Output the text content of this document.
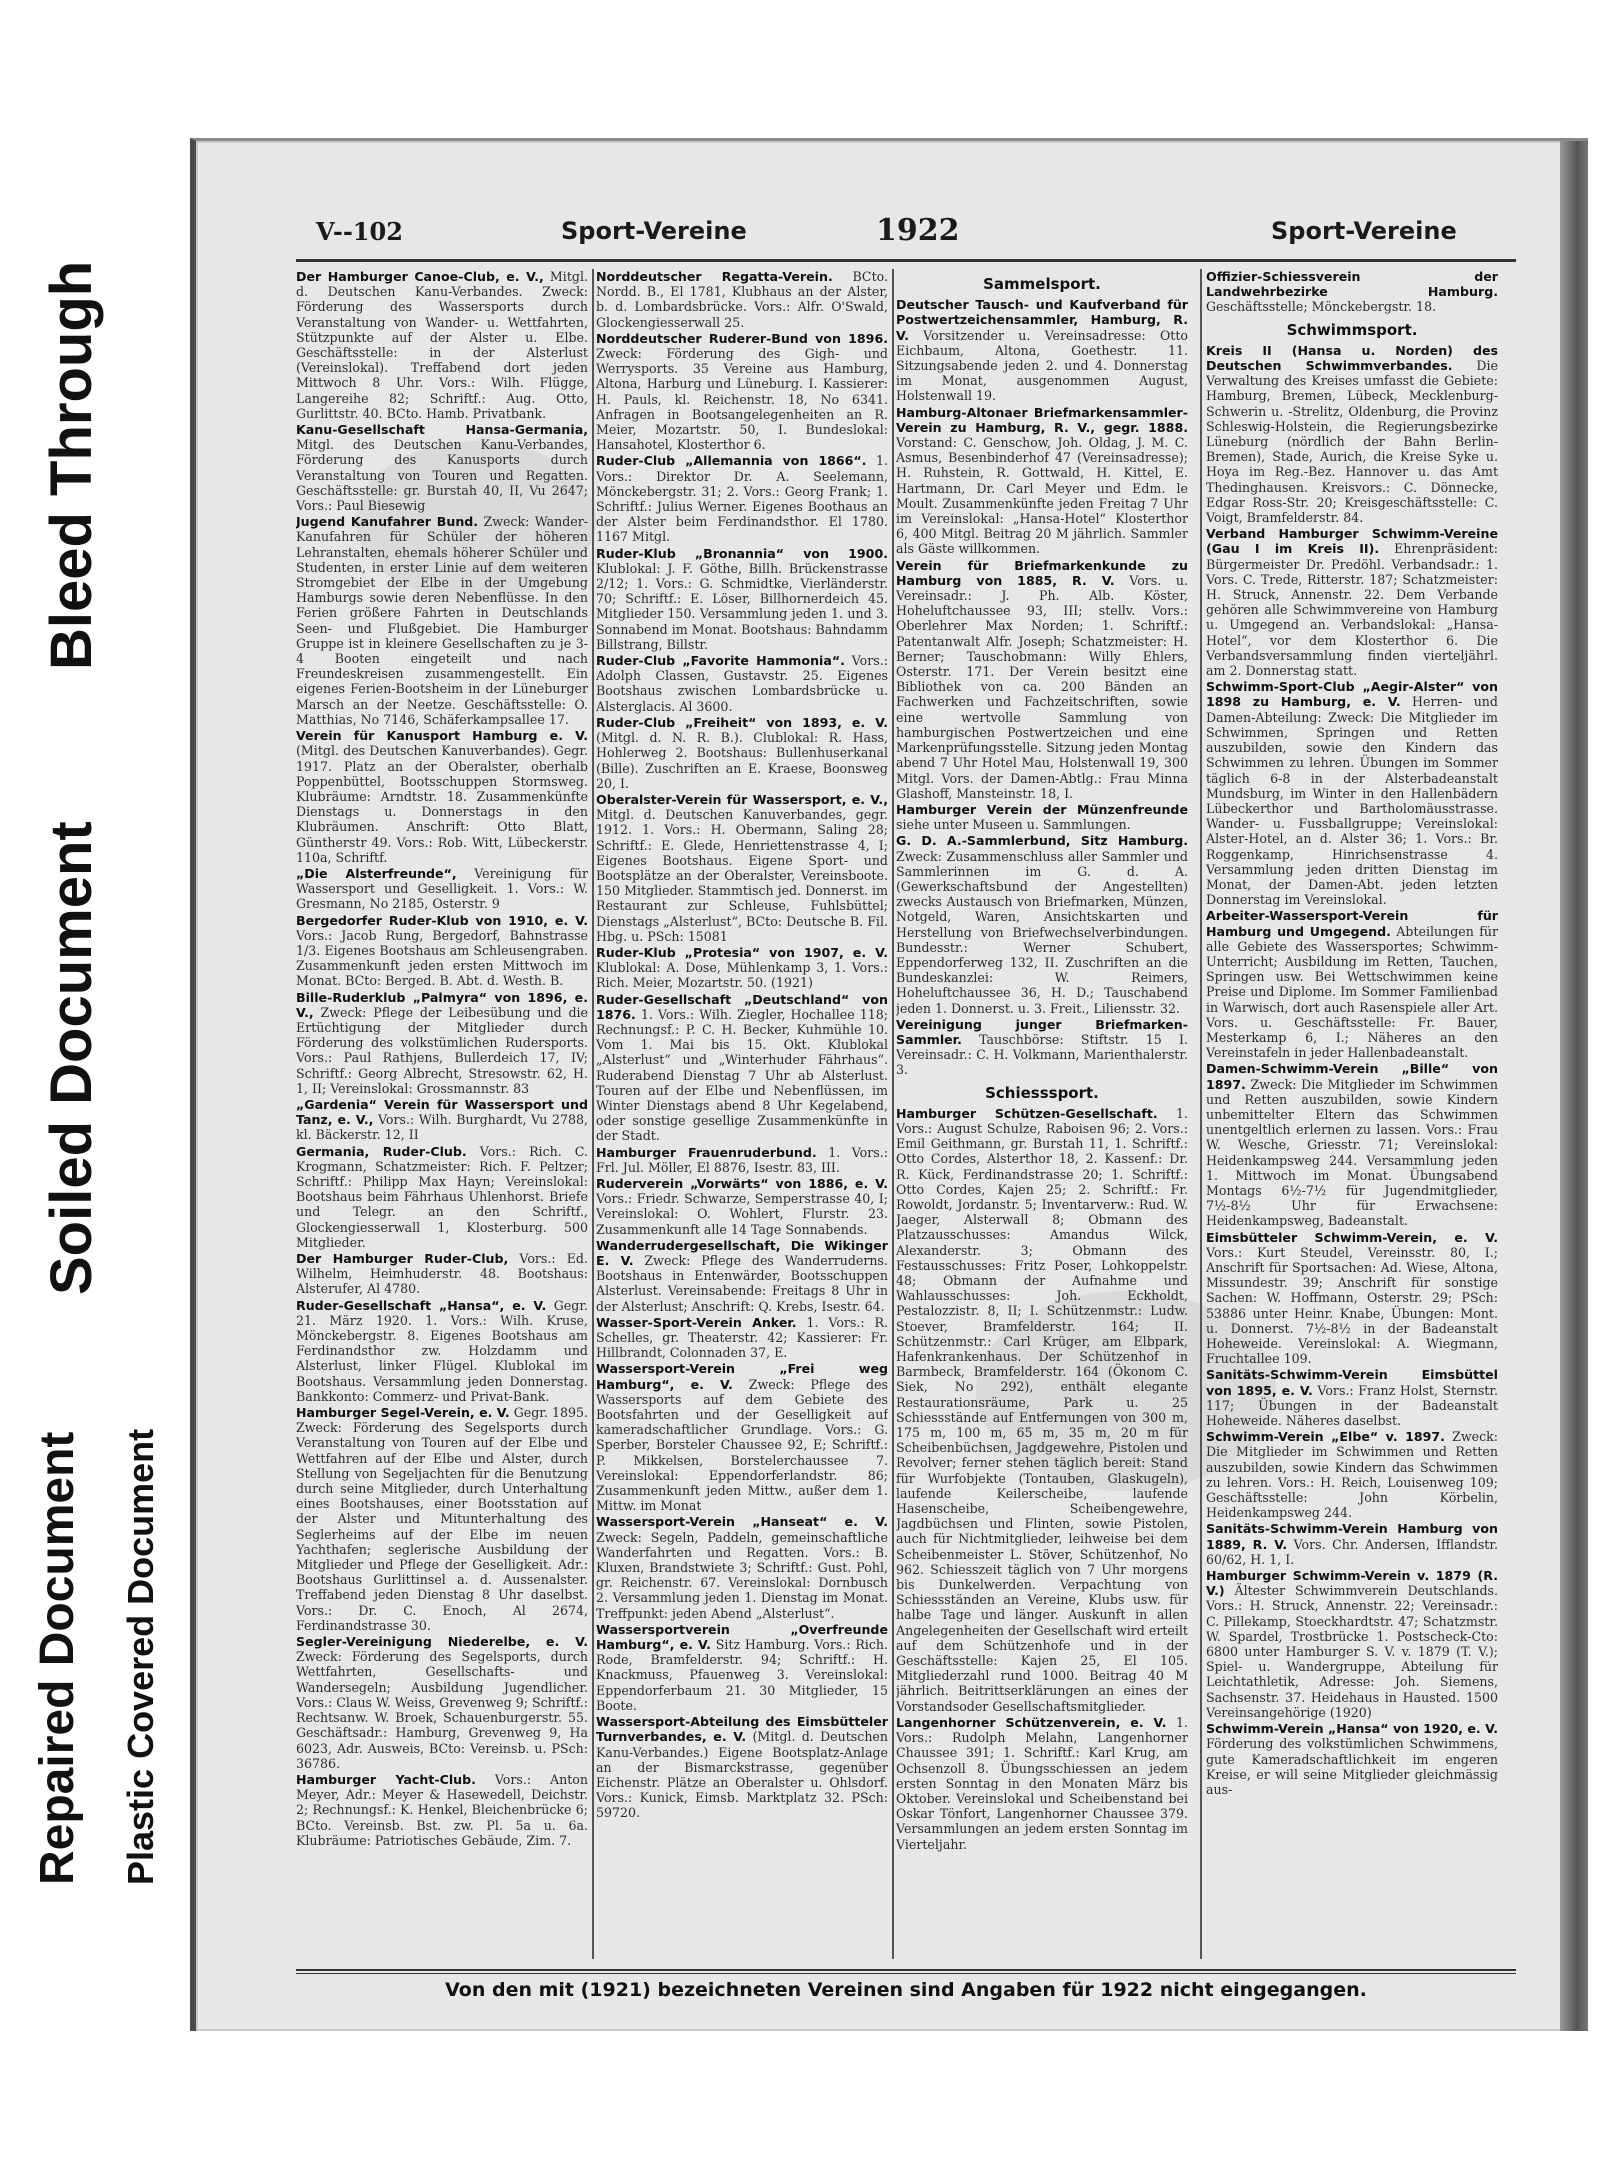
Bleed Through
Soiled Document
Repaired Document Plastic Covered Document
V--102	Sport-Vereine	1922	Sport-Vereine

Der Hamburger Canoe-Club, e. V., Mitgl. d. Deutschen Kanu-Verbandes. Zweck: Förderung des Wassersports durch Veranstaltung von Wander- u. Wettfahrten, Stützpunkte auf der Alster u. Elbe. Geschäftsstelle: in der Alsterlust (Vereinslokal). Treffabend dort jeden Mittwoch 8 Uhr. Vors.: Wilh. Flügge, Langereihe 82; Schriftf.: Aug. Otto, Gurlittstr. 40. BCto. Hamb. Privatbank.

Kanu-Gesellschaft Hansa-Germania, Mitgl. des Deutschen Kanu-Verbandes, Förderung des Kanusports durch Veranstaltung von Touren und Regatten. Geschäftsstelle: gr. Burstah 40, II, Vu 2647; Vors.: Paul Biesewig

Jugend Kanufahrer Bund. Zweck: Wander-Kanufahren für Schüler der höheren Lehranstalten, ehemals höherer Schüler und Studenten, in erster Linie auf dem weiteren Stromgebiet der Elbe in der Umgebung Hamburgs sowie deren Nebenflüsse. In den Ferien größere Fahrten in Deutschlands Seen- und Flußgebiet. Die Hamburger Gruppe ist in kleinere Gesellschaften zu je 3-4 Booten eingeteilt und nach Freundeskreisen zusammengestellt. Ein eigenes Ferien-Bootsheim in der Lüneburger Marsch an der Neetze. Geschäftsstelle: O. Matthias, No 7146, Schäferkampsallee 17.

Verein für Kanusport Hamburg e. V. (Mitgl. des Deutschen Kanuverbandes). Gegr. 1917. Platz an der Oberalster, oberhalb Poppenbüttel, Bootsschuppen Stormsweg. Klubräume: Arndtstr. 18. Zusammenkünfte Dienstags u. Donnerstags in den Klubräumen. Anschrift: Otto Blatt, Güntherstr 49. Vors.: Rob. Witt, Lübeckerstr. 110a, Schriftf.

„Die Alsterfreunde“, Vereinigung für Wassersport und Geselligkeit. 1. Vors.: W. Gresmann, No 2185, Osterstr. 9

Bergedorfer Ruder-Klub von 1910, e. V. Vors.: Jacob Rung, Bergedorf, Bahnstrasse 1/3. Eigenes Bootshaus am Schleusengraben. Zusammenkunft jeden ersten Mittwoch im Monat. BCto: Berged. B. Abt. d. Westh. B.

Bille-Ruderklub „Palmyra“ von 1896, e. V., Zweck: Pflege der Leibesübung und die Ertüchtigung der Mitglieder durch Förderung des volkstümlichen Rudersports. Vors.: Paul Rathjens, Bullerdeich 17, IV; Schriftf.: Georg Albrecht, Stresowstr. 62, H. 1, II; Vereinslokal: Grossmannstr. 83

„Gardenia“ Verein für Wassersport und Tanz, e. V., Vors.: Wilh. Burghardt, Vu 2788, kl. Bäckerstr. 12, II

Germania, Ruder-Club. Vors.: Rich. C. Krogmann, Schatzmeister: Rich. F. Peltzer; Schriftf.: Philipp Max Hayn; Vereinslokal: Bootshaus beim Fährhaus Uhlenhorst. Briefe und Telegr. an den Schriftf., Glockengiesserwall 1, Klosterburg. 500 Mitglieder.

Der Hamburger Ruder-Club, Vors.: Ed. Wilhelm, Heimhuderstr. 48. Bootshaus: Alsterufer, Al 4780.

Ruder-Gesellschaft „Hansa“, e. V. Gegr. 21. März 1920. 1. Vors.: Wilh. Kruse, Mönckebergstr. 8. Eigenes Bootshaus am Ferdinandsthor zw. Holzdamm und Alsterlust, linker Flügel. Klublokal im Bootshaus. Versammlung jeden Donnerstag. Bankkonto: Commerz- und Privat-Bank.

Hamburger Segel-Verein, e. V. Gegr. 1895. Zweck: Förderung des Segelsports durch Veranstaltung von Touren auf der Elbe und Wettfahren auf der Elbe und Alster, durch Stellung von Segeljachten für die Benutzung durch seine Mitglieder, durch Unterhaltung eines Bootshauses, einer Bootsstation auf der Alster und Mitunterhaltung des Seglerheims auf der Elbe im neuen Yachthafen; seglerische Ausbildung der Mitglieder und Pflege der Geselligkeit. Adr.: Bootshaus Gurlittinsel a. d. Aussenalster. Treffabend jeden Dienstag 8 Uhr daselbst. Vors.: Dr. C. Enoch, Al 2674, Ferdinandstrasse 30.

Segler-Vereinigung Niederelbe, e. V. Zweck: Förderung des Segelsports, durch Wettfahrten, Gesellschafts- und Wandersegeln; Ausbildung Jugendlicher. Vors.: Claus W. Weiss, Grevenweg 9; Schriftf.: Rechtsanw. W. Broek, Schauenburgerstr. 55. Geschäftsadr.: Hamburg, Grevenweg 9, Ha 6023, Adr. Ausweis, BCto: Vereinsb. u. PSch: 36786.

Hamburger Yacht-Club. Vors.: Anton Meyer, Adr.: Meyer & Hasewedell, Deichstr. 2; Rechnungsf.: K. Henkel, Bleichenbrücke 6; BCto. Vereinsb. Bst. zw. Pl. 5a u. 6a. Klubräume: Patriotisches Gebäude, Zim. 7.

Norddeutscher Regatta-Verein. BCto. Nordd. B., El 1781, Klubhaus an der Alster, b. d. Lombardsbrücke. Vors.: Alfr. O'Swald, Glockengiesserwall 25.

Norddeutscher Ruderer-Bund von 1896. Zweck: Förderung des Gigh- und Werrysports. 35 Vereine aus Hamburg, Altona, Harburg und Lüneburg. I. Kassierer: H. Pauls, kl. Reichenstr. 18, No 6341. Anfragen in Bootsangelegenheiten an R. Meier, Mozartstr. 50, I. Bundeslokal: Hansahotel, Klosterthor 6.

Ruder-Club „Allemannia von 1866“. 1. Vors.: Direktor Dr. A. Seelemann, Mönckebergstr. 31; 2. Vors.: Georg Frank; 1. Schriftf.: Julius Werner. Eigenes Boothaus an der Alster beim Ferdinandsthor. El 1780. 1167 Mitgl.

Ruder-Klub „Bronannia“ von 1900. Klublokal: J. F. Göthe, Billh. Brückenstrasse 2/12; 1. Vors.: G. Schmidtke, Vierländerstr. 70; Schriftf.: E. Löser, Billhornerdeich 45. Mitglieder 150. Versammlung jeden 1. und 3. Sonnabend im Monat. Bootshaus: Bahndamm Billstrang, Billstr.

Ruder-Club „Favorite Hammonia“. Vors.: Adolph Classen, Gustavstr. 25. Eigenes Bootshaus zwischen Lombardsbrücke u. Alsterglacis. Al 3600.

Ruder-Club „Freiheit“ von 1893, e. V. (Mitgl. d. N. R. B.). Clublokal: R. Hass, Hohlerweg 2. Bootshaus: Bullenhuserkanal (Bille). Zuschriften an E. Kraese, Boonsweg 20, I.

Oberalster-Verein für Wassersport, e. V., Mitgl. d. Deutschen Kanuverbandes, gegr. 1912. 1. Vors.: H. Obermann, Saling 28; Schriftf.: E. Glede, Henriettenstrasse 4, I; Eigenes Bootshaus. Eigene Sport- und Bootsplätze an der Oberalster, Vereinsboote. 150 Mitglieder. Stammtisch jed. Donnerst. im Restaurant zur Schleuse, Fuhlsbüttel; Dienstags „Alsterlust“, BCto: Deutsche B. Fil. Hbg. u. PSch: 15081

Ruder-Klub „Protesia“ von 1907, e. V. Klublokal: A. Dose, Mühlenkamp 3, 1. Vors.: Rich. Meier, Mozartstr. 50. (1921)

Ruder-Gesellschaft „Deutschland“ von 1876. 1. Vors.: Wilh. Ziegler, Hochallee 118; Rechnungsf.: P. C. H. Becker, Kuhmühle 10. Vom 1. Mai bis 15. Okt. Klublokal „Alsterlust“ und „Winterhuder Fährhaus“. Ruderabend Dienstag 7 Uhr ab Alsterlust. Touren auf der Elbe und Nebenflüssen, im Winter Dienstags abend 8 Uhr Kegelabend, oder sonstige gesellige Zusammenkünfte in der Stadt.

Hamburger Frauenruderbund. 1. Vors.: Frl. Jul. Möller, El 8876, Isestr. 83, III.

Ruderverein „Vorwärts“ von 1886, e. V. Vors.: Friedr. Schwarze, Semperstrasse 40, I; Vereinslokal: O. Wohlert, Flurstr. 23. Zusammenkunft alle 14 Tage Sonnabends.

Wanderrudergesellschaft, Die Wikinger E. V. Zweck: Pflege des Wanderruderns. Bootshaus in Entenwärder, Bootsschuppen Alsterlust. Vereinsabende: Freitags 8 Uhr in der Alsterlust; Anschrift: Q. Krebs, Isestr. 64.

Wasser-Sport-Verein Anker. 1. Vors.: R. Schelles, gr. Theaterstr. 42; Kassierer: Fr. Hillbrandt, Colonnaden 37, E.

Wassersport-Verein „Frei weg Hamburg“, e. V. Zweck: Pflege des Wassersports auf dem Gebiete des Bootsfahrten und der Geselligkeit auf kameradschaftlicher Grundlage. Vors.: G. Sperber, Borsteler Chaussee 92, E; Schriftf.: P. Mikkelsen, Borstelerchaussee 7. Vereinslokal: Eppendorferlandstr. 86; Zusammenkunft jeden Mittw., außer dem 1. Mittw. im Monat

Wassersport-Verein „Hanseat“ e. V. Zweck: Segeln, Paddeln, gemeinschaftliche Wanderfahrten und Regatten. Vors.: B. Kluxen, Brandstwiete 3; Schriftf.: Gust. Pohl, gr. Reichenstr. 67. Vereinslokal: Dornbusch 2. Versammlung jeden 1. Dienstag im Monat. Treffpunkt: jeden Abend „Alsterlust“.

Wassersportverein „Overfreunde Hamburg“, e. V. Sitz Hamburg. Vors.: Rich. Rode, Bramfelderstr. 94; Schriftf.: H. Knackmuss, Pfauenweg 3. Vereinslokal: Eppendorferbaum 21. 30 Mitglieder, 15 Boote.

Wassersport-Abteilung des Eimsbütteler Turnverbandes, e. V. (Mitgl. d. Deutschen Kanu-Verbandes.) Eigene Bootsplatz-Anlage an der Bismarckstrasse, gegenüber Eichenstr. Plätze an Oberalster u. Ohlsdorf. Vors.: Kunick, Eimsb. Marktplatz 32. PSch: 59720.

Sammelsport.

Deutscher Tausch- und Kaufverband für Postwertzeichensammler, Hamburg, R. V. Vorsitzender u. Vereinsadresse: Otto Eichbaum, Altona, Goethestr. 11. Sitzungsabende jeden 2. und 4. Donnerstag im Monat, ausgenommen August, Holstenwall 19.

Hamburg-Altonaer Briefmarkensammler-Verein zu Hamburg, R. V., gegr. 1888. Vorstand: C. Genschow, Joh. Oldag, J. M. C. Asmus, Besenbinderhof 47 (Vereinsadresse); H. Ruhstein, R. Gottwald, H. Kittel, E. Hartmann, Dr. Carl Meyer und Edm. le Moult. Zusammenkünfte jeden Freitag 7 Uhr im Vereinslokal: „Hansa-Hotel“ Klosterthor 6, 400 Mitgl. Beitrag 20 M jährlich. Sammler als Gäste willkommen.

Verein für Briefmarkenkunde zu Hamburg von 1885, R. V. Vors. u. Vereinsadr.: J. Ph. Alb. Köster, Hoheluftchaussee 93, III; stellv. Vors.: Oberlehrer Max Norden; 1. Schriftf.: Patentanwalt Alfr. Joseph; Schatzmeister: H. Berner; Tauschobmann: Willy Ehlers, Osterstr. 171. Der Verein besitzt eine Bibliothek von ca. 200 Bänden an Fachwerken und Fachzeitschriften, sowie eine wertvolle Sammlung von hamburgischen Postwertzeichen und eine Markenprüfungsstelle. Sitzung jeden Montag abend 7 Uhr Hotel Mau, Holstenwall 19, 300 Mitgl. Vors. der Damen-Abtlg.: Frau Minna Glashoff, Mansteinstr. 18, I.

Hamburger Verein der Münzenfreunde siehe unter Museen u. Sammlungen.

G. D. A.-Sammlerbund, Sitz Hamburg. Zweck: Zusammenschluss aller Sammler und Sammlerinnen im G. d. A. (Gewerkschaftsbund der Angestellten) zwecks Austausch von Briefmarken, Münzen, Notgeld, Waren, Ansichtskarten und Herstellung von Briefwechselverbindungen. Bundesstr.: Werner Schubert, Eppendorferweg 132, II. Zuschriften an die Bundeskanzlei: W. Reimers, Hoheluftchaussee 36, H. D.; Tauschabend jeden 1. Donnerst. u. 3. Freit., Liliensstr. 32.

Vereinigung junger Briefmarken-Sammler. Tauschbörse: Stiftstr. 15 I. Vereinsadr.: C. H. Volkmann, Marienthalerstr. 3.

Schiesssport.

Hamburger Schützen-Gesellschaft. 1. Vors.: August Schulze, Raboisen 96; 2. Vors.: Emil Geithmann, gr. Burstah 11, 1. Schriftf.: Otto Cordes, Alsterthor 18, 2. Kassenf.: Dr. R. Kück, Ferdinandstrasse 20; 1. Schriftf.: Otto Cordes, Kajen 25; 2. Schriftf.: Fr. Rowoldt, Jordanstr. 5; Inventarverw.: Rud. W. Jaeger, Alsterwall 8; Obmann des Platzausschusses: Amandus Wilck, Alexanderstr. 3; Obmann des Festausschusses: Fritz Poser, Lohkoppelstr. 48; Obmann der Aufnahme und Wahlausschusses: Joh. Eckholdt, Pestalozzistr. 8, II; I. Schützenmstr.: Ludw. Stoever, Bramfelderstr. 164; II. Schützenmstr.: Carl Krüger, am Elbpark, Hafenkrankenhaus. Der Schützenhof in Barmbeck, Bramfelderstr. 164 (Ökonom C. Siek, No 292), enthält elegante Restaurationsräume, Park u. 25 Schiessstände auf Entfernungen von 300 m, 175 m, 100 m, 65 m, 35 m, 20 m für Scheibenbüchsen, Jagdgewehre, Pistolen und Revolver; ferner stehen täglich bereit: Stand für Wurfobjekte (Tontauben, Glaskugeln), laufende Keilerscheibe, laufende Hasenscheibe, Scheibengewehre, Jagdbüchsen und Flinten, sowie Pistolen, auch für Nichtmitglieder, leihweise bei dem Scheibenmeister L. Stöver, Schützenhof, No 962. Schiesszeit täglich von 7 Uhr morgens bis Dunkelwerden. Verpachtung von Schiessständen an Vereine, Klubs usw. für halbe Tage und länger. Auskunft in allen Angelegenheiten der Gesellschaft wird erteilt auf dem Schützenhofe und in der Geschäftsstelle: Kajen 25, El 105. Mitgliederzahl rund 1000. Beitrag 40 M jährlich. Beitrittserklärungen an eines der Vorstandsoder Gesellschaftsmitglieder.

Langenhorner Schützenverein, e. V. 1. Vors.: Rudolph Melahn, Langenhorner Chaussee 391; 1. Schriftf.: Karl Krug, am Ochsenzoll 8. Übungsschiessen an jedem ersten Sonntag in den Monaten März bis Oktober. Vereinslokal und Scheibenstand bei Oskar Tönfort, Langenhorner Chaussee 379. Versammlungen an jedem ersten Sonntag im Vierteljahr.

Offizier-Schiessverein der Landwehrbezirke Hamburg. Geschäftsstelle; Mönckebergstr. 18.

Schwimmsport.

Kreis II (Hansa u. Norden) des Deutschen Schwimmverbandes. Die Verwaltung des Kreises umfasst die Gebiete: Hamburg, Bremen, Lübeck, Mecklenburg-Schwerin u. -Strelitz, Oldenburg, die Provinz Schleswig-Holstein, die Regierungsbezirke Lüneburg (nördlich der Bahn Berlin-Bremen), Stade, Aurich, die Kreise Syke u. Hoya im Reg.-Bez. Hannover u. das Amt Thedinghausen. Kreisvors.: C. Dönnecke, Edgar Ross-Str. 20; Kreisgeschäftsstelle: C. Voigt, Bramfelderstr. 84.

Verband Hamburger Schwimm-Vereine (Gau I im Kreis II). Ehrenpräsident: Bürgermeister Dr. Predöhl. Verbandsadr.: 1. Vors. C. Trede, Ritterstr. 187; Schatzmeister: H. Struck, Annenstr. 22. Dem Verbande gehören alle Schwimmvereine von Hamburg u. Umgegend an. Verbandslokal: „Hansa-Hotel“, vor dem Klosterthor 6. Die Verbandsversammlung finden vierteljährl. am 2. Donnerstag statt.

Schwimm-Sport-Club „Aegir-Alster“ von 1898 zu Hamburg, e. V. Herren- und Damen-Abteilung: Zweck: Die Mitglieder im Schwimmen, Springen und Retten auszubilden, sowie den Kindern das Schwimmen zu lehren. Übungen im Sommer täglich 6-8 in der Alsterbadeanstalt Mundsburg, im Winter in den Hallenbädern Lübeckerthor und Bartholomäusstrasse. Wander- u. Fussballgruppe; Vereinslokal: Alster-Hotel, an d. Alster 36; 1. Vors.: Br. Roggenkamp, Hinrichsenstrasse 4. Versammlung jeden dritten Dienstag im Monat, der Damen-Abt. jeden letzten Donnerstag im Vereinslokal.

Arbeiter-Wassersport-Verein für Hamburg und Umgegend. Abteilungen für alle Gebiete des Wassersportes; Schwimm-Unterricht; Ausbildung im Retten, Tauchen, Springen usw. Bei Wettschwimmen keine Preise und Diplome. Im Sommer Familienbad in Warwisch, dort auch Rasenspiele aller Art. Vors. u. Geschäftsstelle: Fr. Bauer, Mesterkamp 6, I.; Näheres an den Vereinstafeln in jeder Hallenbadeanstalt.

Damen-Schwimm-Verein „Bille“ von 1897. Zweck: Die Mitglieder im Schwimmen und Retten auszubilden, sowie Kindern unbemittelter Eltern das Schwimmen unentgeltlich erlernen zu lassen. Vors.: Frau W. Wesche, Griesstr. 71; Vereinslokal: Heidenkampsweg 244. Versammlung jeden 1. Mittwoch im Monat. Übungsabend Montags 6½-7½ für Jugendmitglieder, 7½-8½ Uhr für Erwachsene: Heidenkampsweg, Badeanstalt.

Eimsbütteler Schwimm-Verein, e. V. Vors.: Kurt Steudel, Vereinsstr. 80, I.; Anschrift für Sportsachen: Ad. Wiese, Altona, Missundestr. 39; Anschrift für sonstige Sachen: W. Hoffmann, Osterstr. 29; PSch: 53886 unter Heinr. Knabe, Übungen: Mont. u. Donnerst. 7½-8½ in der Badeanstalt Hoheweide. Vereinslokal: A. Wiegmann, Fruchtallee 109.

Sanitäts-Schwimm-Verein Eimsbüttel von 1895, e. V. Vors.: Franz Holst, Sternstr. 117; Übungen in der Badeanstalt Hoheweide. Näheres daselbst.

Schwimm-Verein „Elbe“ v. 1897. Zweck: Die Mitglieder im Schwimmen und Retten auszubilden, sowie Kindern das Schwimmen zu lehren. Vors.: H. Reich, Louisenweg 109; Geschäftsstelle: John Körbelin, Heidenkampsweg 244.

Sanitäts-Schwimm-Verein Hamburg von 1889, R. V. Vors. Chr. Andersen, Ifflandstr. 60/62, H. 1, I.

Hamburger Schwimm-Verein v. 1879 (R. V.) Ältester Schwimmverein Deutschlands. Vors.: H. Struck, Annenstr. 22; Vereinsadr.: C. Pillekamp, Stoeckhardtstr. 47; Schatzmstr. W. Spardel, Trostbrücke 1. Postscheck-Cto: 6800 unter Hamburger S. V. v. 1879 (T. V.); Spiel- u. Wandergruppe, Abteilung für Leichtathletik, Adresse: Joh. Siemens, Sachsenstr. 37. Heidehaus in Hausted. 1500 Vereinsangehörige (1920)

Schwimm-Verein „Hansa“ von 1920, e. V. Förderung des volkstümlichen Schwimmens, gute Kameradschaftlichkeit im engeren Kreise, er will seine Mitglieder gleichmässig aus-

Von den mit (1921) bezeichneten Vereinen sind Angaben für 1922 nicht eingegangen.
